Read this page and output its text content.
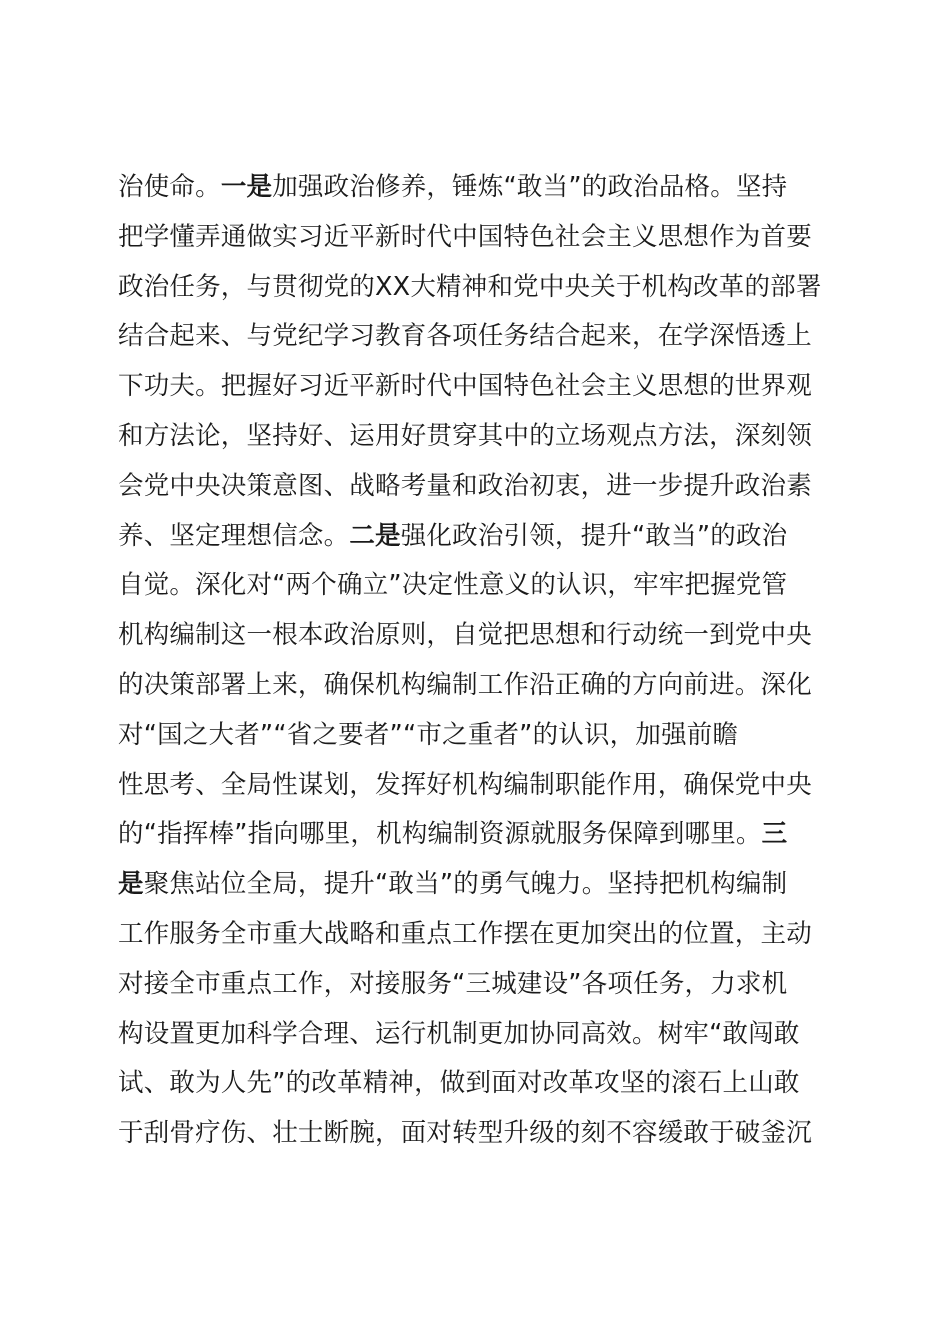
治使命。一是加强政治修养，锤炼“敢当”的政治品格。坚持
把学懂弄通做实习近平新时代中国特色社会主义思想作为首要
政治任务，与贯彻党的XX大精神和党中央关于机构改革的部署
结合起来、与党纪学习教育各项任务结合起来，在学深悟透上
下功夫。把握好习近平新时代中国特色社会主义思想的世界观
和方法论，坚持好、运用好贯穿其中的立场观点方法，深刻领
会党中央决策意图、战略考量和政治初衷，进一步提升政治素
养、坚定理想信念。二是强化政治引领，提升“敢当”的政治
自觉。深化对“两个确立”决定性意义的认识，牢牢把握党管
机构编制这一根本政治原则，自觉把思想和行动统一到党中央
的决策部署上来，确保机构编制工作沿正确的方向前进。深化
对“国之大者”“省之要者”“市之重者”的认识，加强前瞻
性思考、全局性谋划，发挥好机构编制职能作用，确保党中央
的“指挥棒”指向哪里，机构编制资源就服务保障到哪里。三
是聚焦站位全局，提升“敢当”的勇气魄力。坚持把机构编制
工作服务全市重大战略和重点工作摆在更加突出的位置，主动
对接全市重点工作，对接服务“三城建设”各项任务，力求机
构设置更加科学合理、运行机制更加协同高效。树牢“敢闯敢
试、敢为人先”的改革精神，做到面对改革攻坚的滚石上山敢
于刮骨疗伤、壮士断腕，面对转型升级的刻不容缓敢于破釜沉
